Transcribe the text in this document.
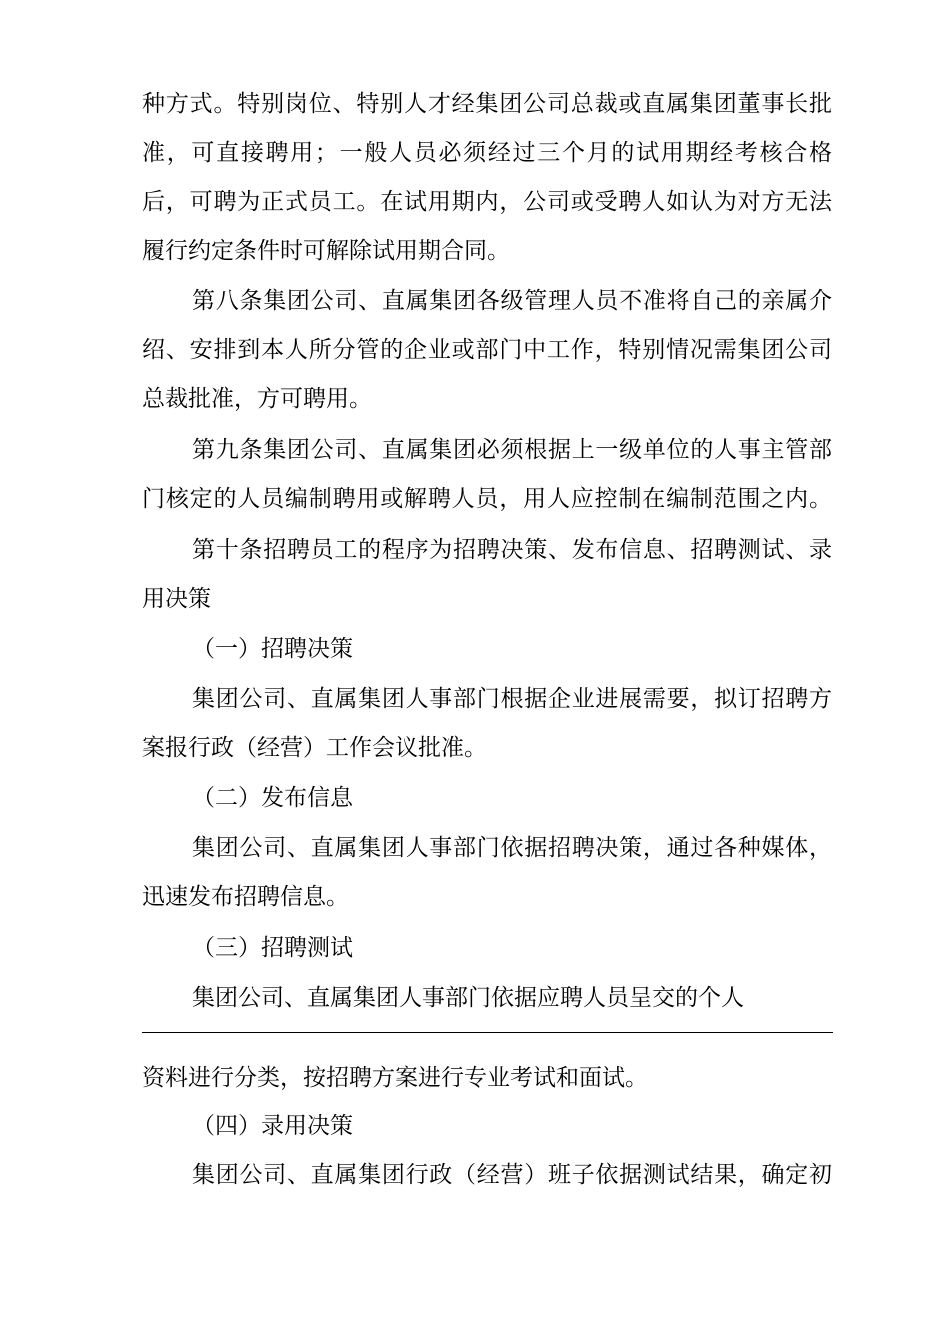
种方式。特别岗位、特别人才经集团公司总裁或直属集团董事长批
准，可直接聘用；一般人员必须经过三个月的试用期经考核合格
后，可聘为正式员工。在试用期内，公司或受聘人如认为对方无法
履行约定条件时可解除试用期合同。
第八条集团公司、直属集团各级管理人员不准将自己的亲属介
绍、安排到本人所分管的企业或部门中工作，特别情况需集团公司
总裁批准，方可聘用。
第九条集团公司、直属集团必须根据上一级单位的人事主管部
门核定的人员编制聘用或解聘人员，用人应控制在编制范围之内。
第十条招聘员工的程序为招聘决策、发布信息、招聘测试、录
用决策
（一）招聘决策
集团公司、直属集团人事部门根据企业进展需要，拟订招聘方
案报行政（经营）工作会议批准。
（二）发布信息
集团公司、直属集团人事部门依据招聘决策，通过各种媒体，
迅速发布招聘信息。
（三）招聘测试
集团公司、直属集团人事部门依据应聘人员呈交的个人
资料进行分类，按招聘方案进行专业考试和面试。
（四）录用决策
集团公司、直属集团行政（经营）班子依据测试结果，确定初
